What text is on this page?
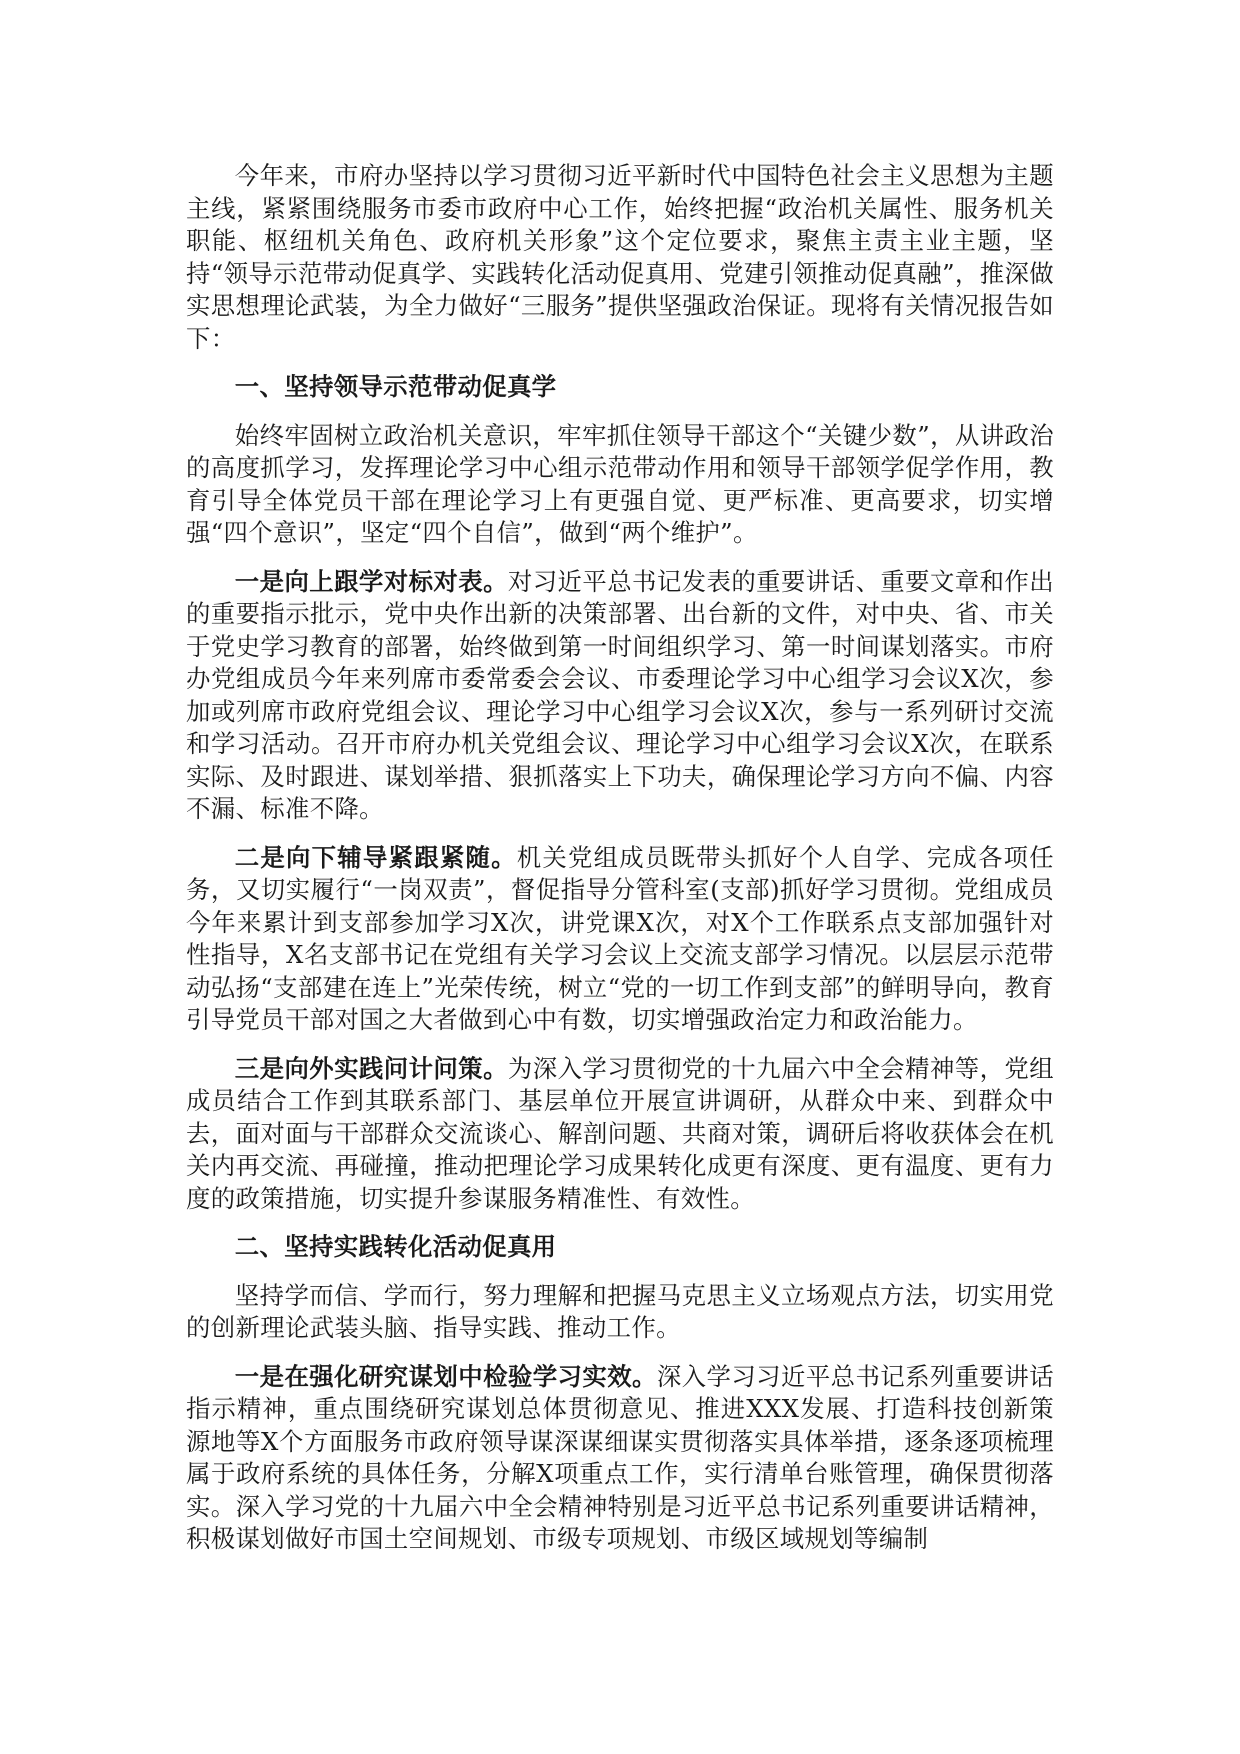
今年来，市府办坚持以学习贯彻习近平新时代中国特色社会主义思想为主题主线，紧紧围绕服务市委市政府中心工作，始终把握“政治机关属性、服务机关职能、枢纽机关角色、政府机关形象”这个定位要求，聚焦主责主业主题，坚持“领导示范带动促真学、实践转化活动促真用、党建引领推动促真融”，推深做实思想理论武装，为全力做好“三服务”提供坚强政治保证。现将有关情况报告如下：

一、坚持领导示范带动促真学

始终牢固树立政治机关意识，牢牢抓住领导干部这个“关键少数”，从讲政治的高度抓学习，发挥理论学习中心组示范带动作用和领导干部领学促学作用，教育引导全体党员干部在理论学习上有更强自觉、更严标准、更高要求，切实增强“四个意识”，坚定“四个自信”，做到“两个维护”。

一是向上跟学对标对表。对习近平总书记发表的重要讲话、重要文章和作出的重要指示批示，党中央作出新的决策部署、出台新的文件，对中央、省、市关于党史学习教育的部署，始终做到第一时间组织学习、第一时间谋划落实。市府办党组成员今年来列席市委常委会会议、市委理论学习中心组学习会议X次，参加或列席市政府党组会议、理论学习中心组学习会议X次，参与一系列研讨交流和学习活动。召开市府办机关党组会议、理论学习中心组学习会议X次，在联系实际、及时跟进、谋划举措、狠抓落实上下功夫，确保理论学习方向不偏、内容不漏、标准不降。

二是向下辅导紧跟紧随。机关党组成员既带头抓好个人自学、完成各项任务，又切实履行“一岗双责”，督促指导分管科室(支部)抓好学习贯彻。党组成员今年来累计到支部参加学习X次，讲党课X次，对X个工作联系点支部加强针对性指导，X名支部书记在党组有关学习会议上交流支部学习情况。以层层示范带动弘扬“支部建在连上”光荣传统，树立“党的一切工作到支部”的鲜明导向，教育引导党员干部对国之大者做到心中有数，切实增强政治定力和政治能力。

三是向外实践问计问策。为深入学习贯彻党的十九届六中全会精神等，党组成员结合工作到其联系部门、基层单位开展宣讲调研，从群众中来、到群众中去，面对面与干部群众交流谈心、解剖问题、共商对策，调研后将收获体会在机关内再交流、再碰撞，推动把理论学习成果转化成更有深度、更有温度、更有力度的政策措施，切实提升参谋服务精准性、有效性。

二、坚持实践转化活动促真用

坚持学而信、学而行，努力理解和把握马克思主义立场观点方法，切实用党的创新理论武装头脑、指导实践、推动工作。

一是在强化研究谋划中检验学习实效。深入学习习近平总书记系列重要讲话指示精神，重点围绕研究谋划总体贯彻意见、推进XXX发展、打造科技创新策源地等X个方面服务市政府领导谋深谋细谋实贯彻落实具体举措，逐条逐项梳理属于政府系统的具体任务，分解X项重点工作，实行清单台账管理，确保贯彻落实。深入学习党的十九届六中全会精神特别是习近平总书记系列重要讲话精神，积极谋划做好市国土空间规划、市级专项规划、市级区域规划等编制
